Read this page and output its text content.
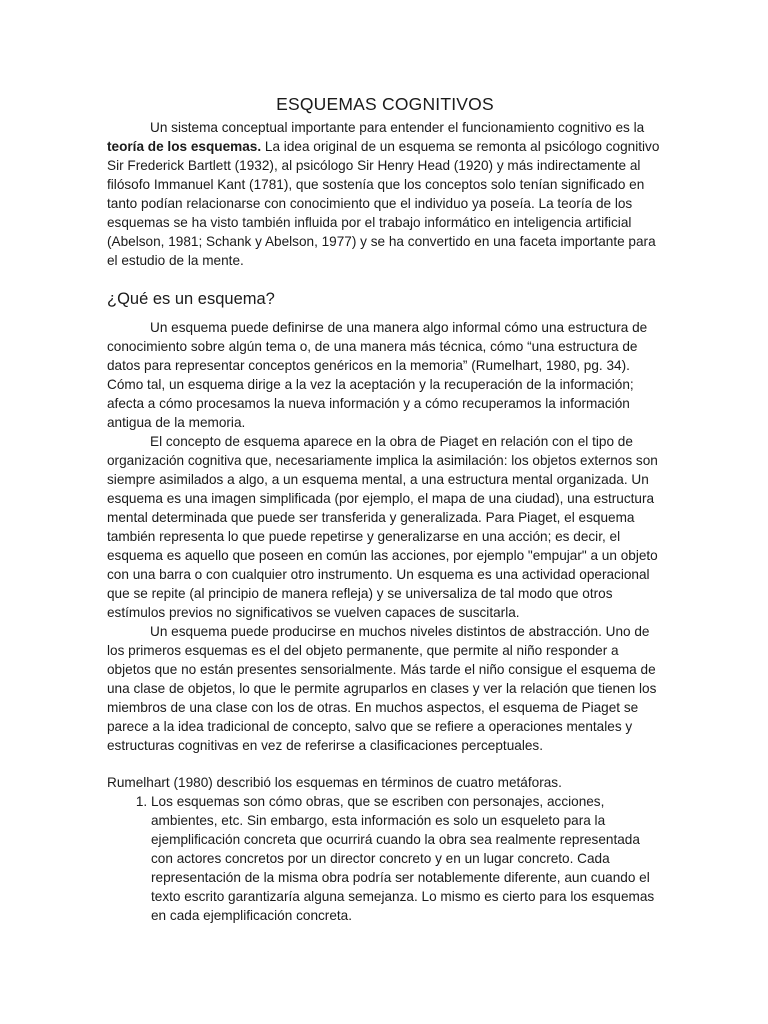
ESQUEMAS COGNITIVOS

Un sistema conceptual importante para entender el funcionamiento cognitivo es la teoría de los esquemas. La idea original de un esquema se remonta al psicólogo cognitivo Sir Frederick Bartlett (1932), al psicólogo Sir Henry Head (1920) y más indirectamente al filósofo Immanuel Kant (1781), que sostenía que los conceptos solo tenían significado en tanto podían relacionarse con conocimiento que el individuo ya poseía. La teoría de los esquemas se ha visto también influida por el trabajo informático en inteligencia artificial (Abelson, 1981; Schank y Abelson, 1977) y se ha convertido en una faceta importante para el estudio de la mente.

¿Qué es un esquema?

Un esquema puede definirse de una manera algo informal cómo una estructura de conocimiento sobre algún tema o, de una manera más técnica, cómo “una estructura de datos para representar conceptos genéricos en la memoria” (Rumelhart, 1980, pg. 34). Cómo tal, un esquema dirige a la vez la aceptación y la recuperación de la información; afecta a cómo procesamos la nueva información y a cómo recuperamos la información antigua de la memoria.

El concepto de esquema aparece en la obra de Piaget en relación con el tipo de organización cognitiva que, necesariamente implica la asimilación: los objetos externos son siempre asimilados a algo, a un esquema mental, a una estructura mental organizada. Un esquema es una imagen simplificada (por ejemplo, el mapa de una ciudad), una estructura mental determinada que puede ser transferida y generalizada. Para Piaget, el esquema también representa lo que puede repetirse y generalizarse en una acción; es decir, el esquema es aquello que poseen en común las acciones, por ejemplo "empujar" a un objeto con una barra o con cualquier otro instrumento. Un esquema es una actividad operacional que se repite (al principio de manera refleja) y se universaliza de tal modo que otros estímulos previos no significativos se vuelven capaces de suscitarla.

Un esquema puede producirse en muchos niveles distintos de abstracción. Uno de los primeros esquemas es el del objeto permanente, que permite al niño responder a objetos que no están presentes sensorialmente. Más tarde el niño consigue el esquema de una clase de objetos, lo que le permite agruparlos en clases y ver la relación que tienen los miembros de una clase con los de otras. En muchos aspectos, el esquema de Piaget se parece a la idea tradicional de concepto, salvo que se refiere a operaciones mentales y estructuras cognitivas en vez de referirse a clasificaciones perceptuales.

Rumelhart (1980) describió los esquemas en términos de cuatro metáforas.

1. Los esquemas son cómo obras, que se escriben con personajes, acciones, ambientes, etc. Sin embargo, esta información es solo un esqueleto para la ejemplificación concreta que ocurrirá cuando la obra sea realmente representada con actores concretos por un director concreto y en un lugar concreto. Cada representación de la misma obra podría ser notablemente diferente, aun cuando el texto escrito garantizaría alguna semejanza. Lo mismo es cierto para los esquemas en cada ejemplificación concreta.
